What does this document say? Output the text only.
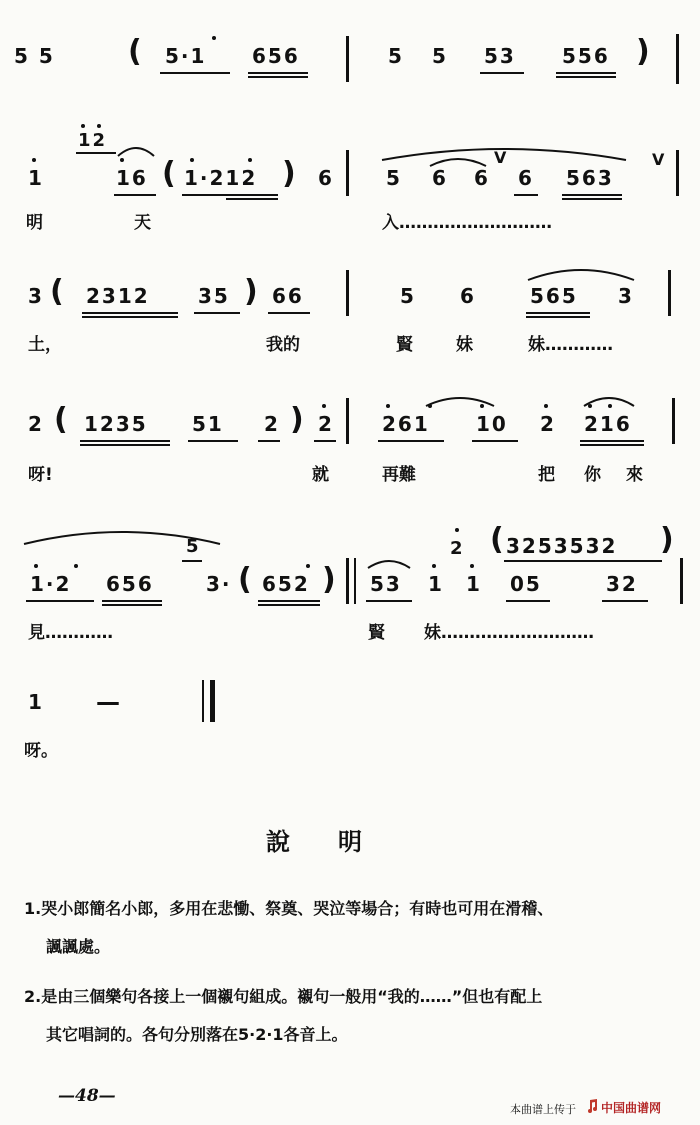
5 5 ( 5·1 656	5 5 53 556 )
1
12
16 ( 1·212 ) 6	5 6 6
V
6 563
V
明	天	入………………………
3 ( 2312 35 ) 66	5 6	565 3
土，	我的	賢	妹	妹…………
2 ( 1235 51 2 ) 2 261 10 2 216
呀!	就	再難	把 你 來
1·2 656
5
3· ( 652 ) 53 1
2
1
( 3253532 )
05	32
見…………	賢 妹………………………
1 —
呀。
說　　明
1.哭小郎簡名小郎，多用在悲慟、祭奠、哭泣等場合；有時也可用在滑稽、
諷諷處。
2.是由三個樂句各接上一個襯句組成。襯句一般用“我的……”但也有配上
其它唱詞的。各句分別落在5·2·1各音上。
—48—
本曲谱上传于 中国曲谱网
